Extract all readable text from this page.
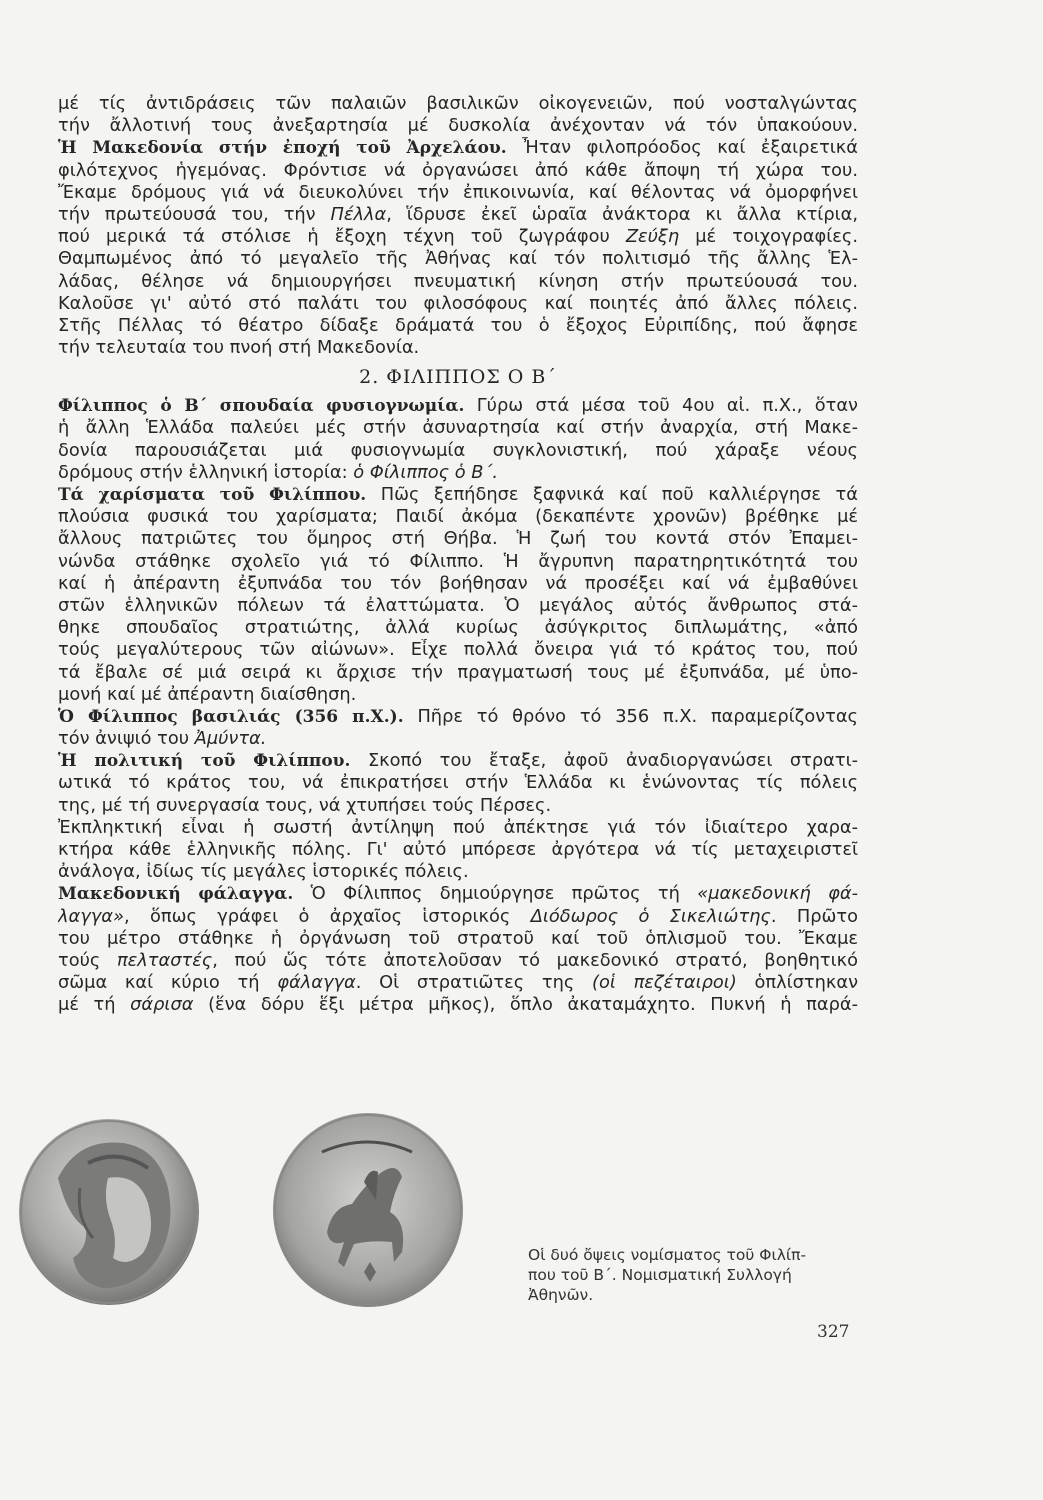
μέ τίς ἀντιδράσεις τῶν παλαιῶν βασιλικῶν οἰκογενειῶν, πού νοσταλγώντας
τήν ἄλλοτινή τους ἀνεξαρτησία μέ δυσκολία ἀνέχονταν νά τόν ὑπακούουν.
Ἡ Μακεδονία στήν ἐποχή τοῦ Ἀρχελάου. Ἦταν φιλοπρόοδος καί ἐξαιρετικά
φιλότεχνος ἡγεμόνας. Φρόντισε νά ὀργανώσει ἀπό κάθε ἄποψη τή χώρα του.
Ἔκαμε δρόμους γιά νά διευκολύνει τήν ἐπικοινωνία, καί θέλοντας νά ὀμορφήνει
τήν πρωτεύουσά του, τήν Πέλλα, ἵδρυσε ἐκεῖ ὡραῖα ἀνάκτορα κι ἄλλα κτίρια,
πού μερικά τά στόλισε ἡ ἔξοχη τέχνη τοῦ ζωγράφου Ζεύξη μέ τοιχογραφίες.
Θαμπωμένος ἀπό τό μεγαλεῖο τῆς Ἀθήνας καί τόν πολιτισμό τῆς ἄλλης Ἑλ-
λάδας, θέλησε νά δημιουργήσει πνευματική κίνηση στήν πρωτεύουσά του.
Καλοῦσε γι' αὐτό στό παλάτι του φιλοσόφους καί ποιητές ἀπό ἄλλες πόλεις.
Στῆς Πέλλας τό θέατρο δίδαξε δράματά του ὁ ἔξοχος Εὐριπίδης, πού ἄφησε
τήν τελευταία του πνοή στή Μακεδονία.
2. ΦΙΛΙΠΠΟΣ Ο Β΄
Φίλιππος ὁ Β΄ σπουδαία φυσιογνωμία. Γύρω στά μέσα τοῦ 4ου αἰ. π.Χ., ὅταν
ἡ ἄλλη Ἑλλάδα παλεύει μές στήν ἀσυναρτησία καί στήν ἀναρχία, στή Μακε-
δονία παρουσιάζεται μιά φυσιογνωμία συγκλονιστική, πού χάραξε νέους
δρόμους στήν ἑλληνική ἱστορία: ὁ Φίλιππος ὁ Β΄.
Τά χαρίσματα τοῦ Φιλίππου. Πῶς ξεπήδησε ξαφνικά καί ποῦ καλλιέργησε τά
πλούσια φυσικά του χαρίσματα; Παιδί ἀκόμα (δεκαπέντε χρονῶν) βρέθηκε μέ
ἄλλους πατριῶτες του ὅμηρος στή Θήβα. Ἡ ζωή του κοντά στόν Ἐπαμει-
νώνδα στάθηκε σχολεῖο γιά τό Φίλιππο. Ἡ ἄγρυπνη παρατηρητικότητά του
καί ἡ ἀπέραντη ἐξυπνάδα του τόν βοήθησαν νά προσέξει καί νά ἐμβαθύνει
στῶν ἑλληνικῶν πόλεων τά ἐλαττώματα. Ὁ μεγάλος αὐτός ἄνθρωπος στά-
θηκε σπουδαῖος στρατιώτης, ἀλλά κυρίως ἀσύγκριτος διπλωμάτης, «ἀπό
τούς μεγαλύτερους τῶν αἰώνων». Εἶχε πολλά ὄνειρα γιά τό κράτος του, πού
τά ἔβαλε σέ μιά σειρά κι ἄρχισε τήν πραγματωσή τους μέ ἐξυπνάδα, μέ ὑπο-
μονή καί μέ ἀπέραντη διαίσθηση.
Ὁ Φίλιππος βασιλιάς (356 π.Χ.). Πῆρε τό θρόνο τό 356 π.Χ. παραμερίζοντας
τόν ἀνιψιό του Ἀμύντα.
Ἡ πολιτική τοῦ Φιλίππου. Σκοπό του ἔταξε, ἀφοῦ ἀναδιοργανώσει στρατι-
ωτικά τό κράτος του, νά ἐπικρατήσει στήν Ἑλλάδα κι ἑνώνοντας τίς πόλεις
της, μέ τή συνεργασία τους, νά χτυπήσει τούς Πέρσες.
Ἐκπληκτική εἶναι ἡ σωστή ἀντίληψη πού ἀπέκτησε γιά τόν ἰδιαίτερο χαρα-
κτήρα κάθε ἑλληνικῆς πόλης. Γι' αὐτό μπόρεσε ἀργότερα νά τίς μεταχειριστεῖ
ἀνάλογα, ἰδίως τίς μεγάλες ἱστορικές πόλεις.
Μακεδονική φάλαγγα. Ὁ Φίλιππος δημιούργησε πρῶτος τή «μακεδονική φά-
λαγγα», ὅπως γράφει ὁ ἀρχαῖος ἱστορικός Διόδωρος ὁ Σικελιώτης. Πρῶτο
του μέτρο στάθηκε ἡ ὀργάνωση τοῦ στρατοῦ καί τοῦ ὁπλισμοῦ του. Ἔκαμε
τούς πελταστές, πού ὥς τότε ἀποτελοῦσαν τό μακεδονικό στρατό, βοηθητικό
σῶμα καί κύριο τή φάλαγγα. Οἱ στρατιῶτες της (οἱ πεζέταιροι) ὁπλίστηκαν
μέ τή σάρισα (ἕνα δόρυ ἕξι μέτρα μῆκος), ὅπλο ἀκαταμάχητο. Πυκνή ἡ παρά-
Οἱ δυό ὄψεις νομίσματος τοῦ Φιλίπ-
που τοῦ Β΄. Νομισματική Συλλογή
Ἀθηνῶν.
327
